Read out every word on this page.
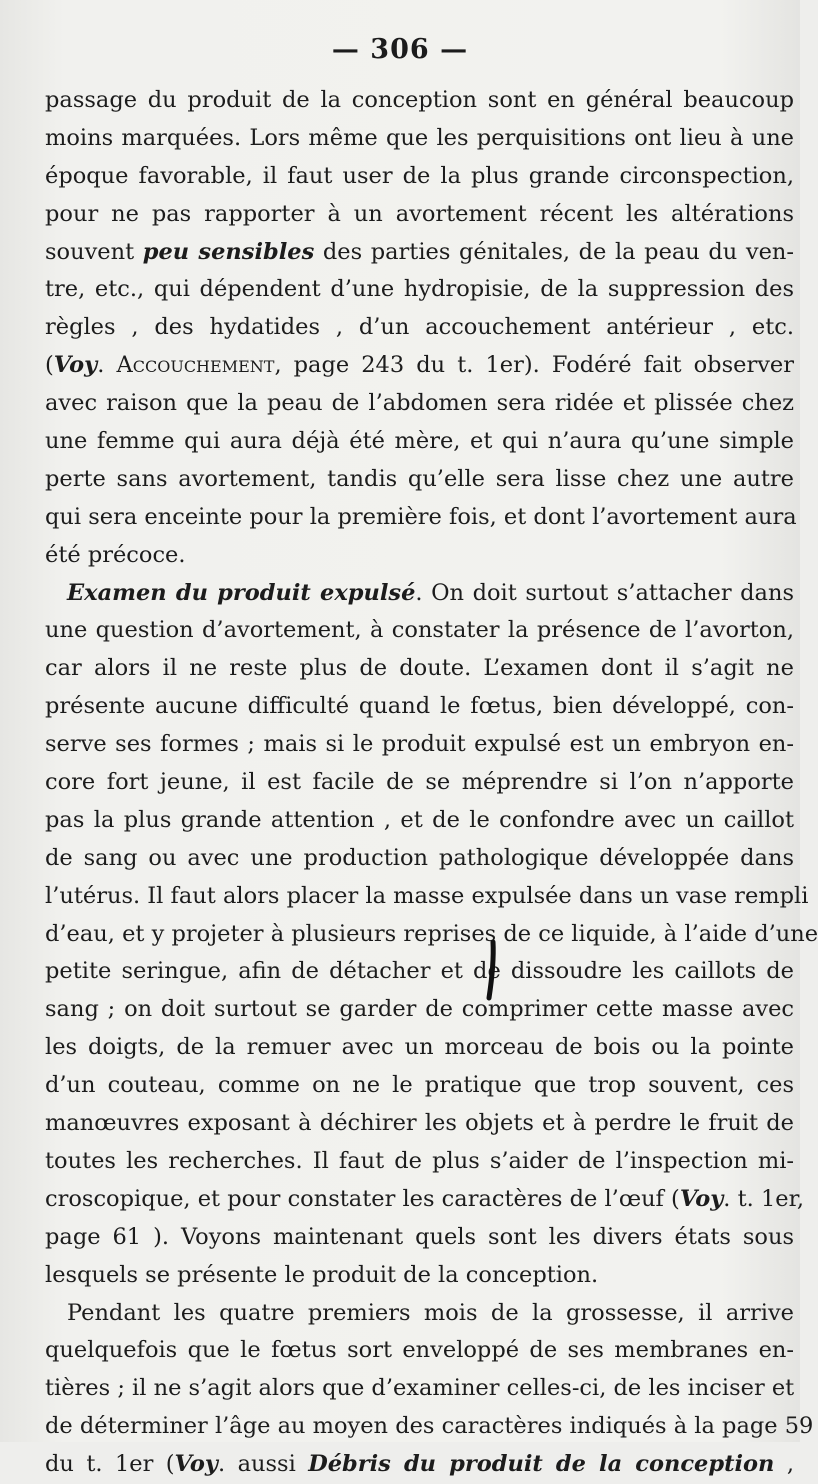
— 306 —
passage du produit de la conception sont en général beaucoup
moins marquées. Lors même que les perquisitions ont lieu à une
époque favorable, il faut user de la plus grande circonspection,
pour ne pas rapporter à un avortement récent les altérations
souvent peu sensibles des parties génitales, de la peau du ven-
tre, etc., qui dépendent d’une hydropisie, de la suppression des
règles , des hydatides , d’un accouchement antérieur , etc.
(Voy. Accouchement, page 243 du t. 1er). Fodéré fait observer
avec raison que la peau de l’abdomen sera ridée et plissée chez
une femme qui aura déjà été mère, et qui n’aura qu’une simple
perte sans avortement, tandis qu’elle sera lisse chez une autre
qui sera enceinte pour la première fois, et dont l’avortement aura
été précoce.
Examen du produit expulsé. On doit surtout s’attacher dans
une question d’avortement, à constater la présence de l’avorton,
car alors il ne reste plus de doute. L’examen dont il s’agit ne
présente aucune difficulté quand le fœtus, bien développé, con-
serve ses formes ; mais si le produit expulsé est un embryon en-
core fort jeune, il est facile de se méprendre si l’on n’apporte
pas la plus grande attention , et de le confondre avec un caillot
de sang ou avec une production pathologique développée dans
l’utérus. Il faut alors placer la masse expulsée dans un vase rempli
d’eau, et y projeter à plusieurs reprises de ce liquide, à l’aide d’une
petite seringue, afin de détacher et de dissoudre les caillots de
sang ; on doit surtout se garder de comprimer cette masse avec
les doigts, de la remuer avec un morceau de bois ou la pointe
d’un couteau, comme on ne le pratique que trop souvent, ces
manœuvres exposant à déchirer les objets et à perdre le fruit de
toutes les recherches. Il faut de plus s’aider de l’inspection mi-
croscopique, et pour constater les caractères de l’œuf (Voy. t. 1er,
page 61 ). Voyons maintenant quels sont les divers états sous
lesquels se présente le produit de la conception.
Pendant les quatre premiers mois de la grossesse, il arrive
quelquefois que le fœtus sort enveloppé de ses membranes en-
tières ; il ne s’agit alors que d’examiner celles-ci, de les inciser et
de déterminer l’âge au moyen des caractères indiqués à la page 59
du t. 1er (Voy. aussi Débris du produit de la conception ,
